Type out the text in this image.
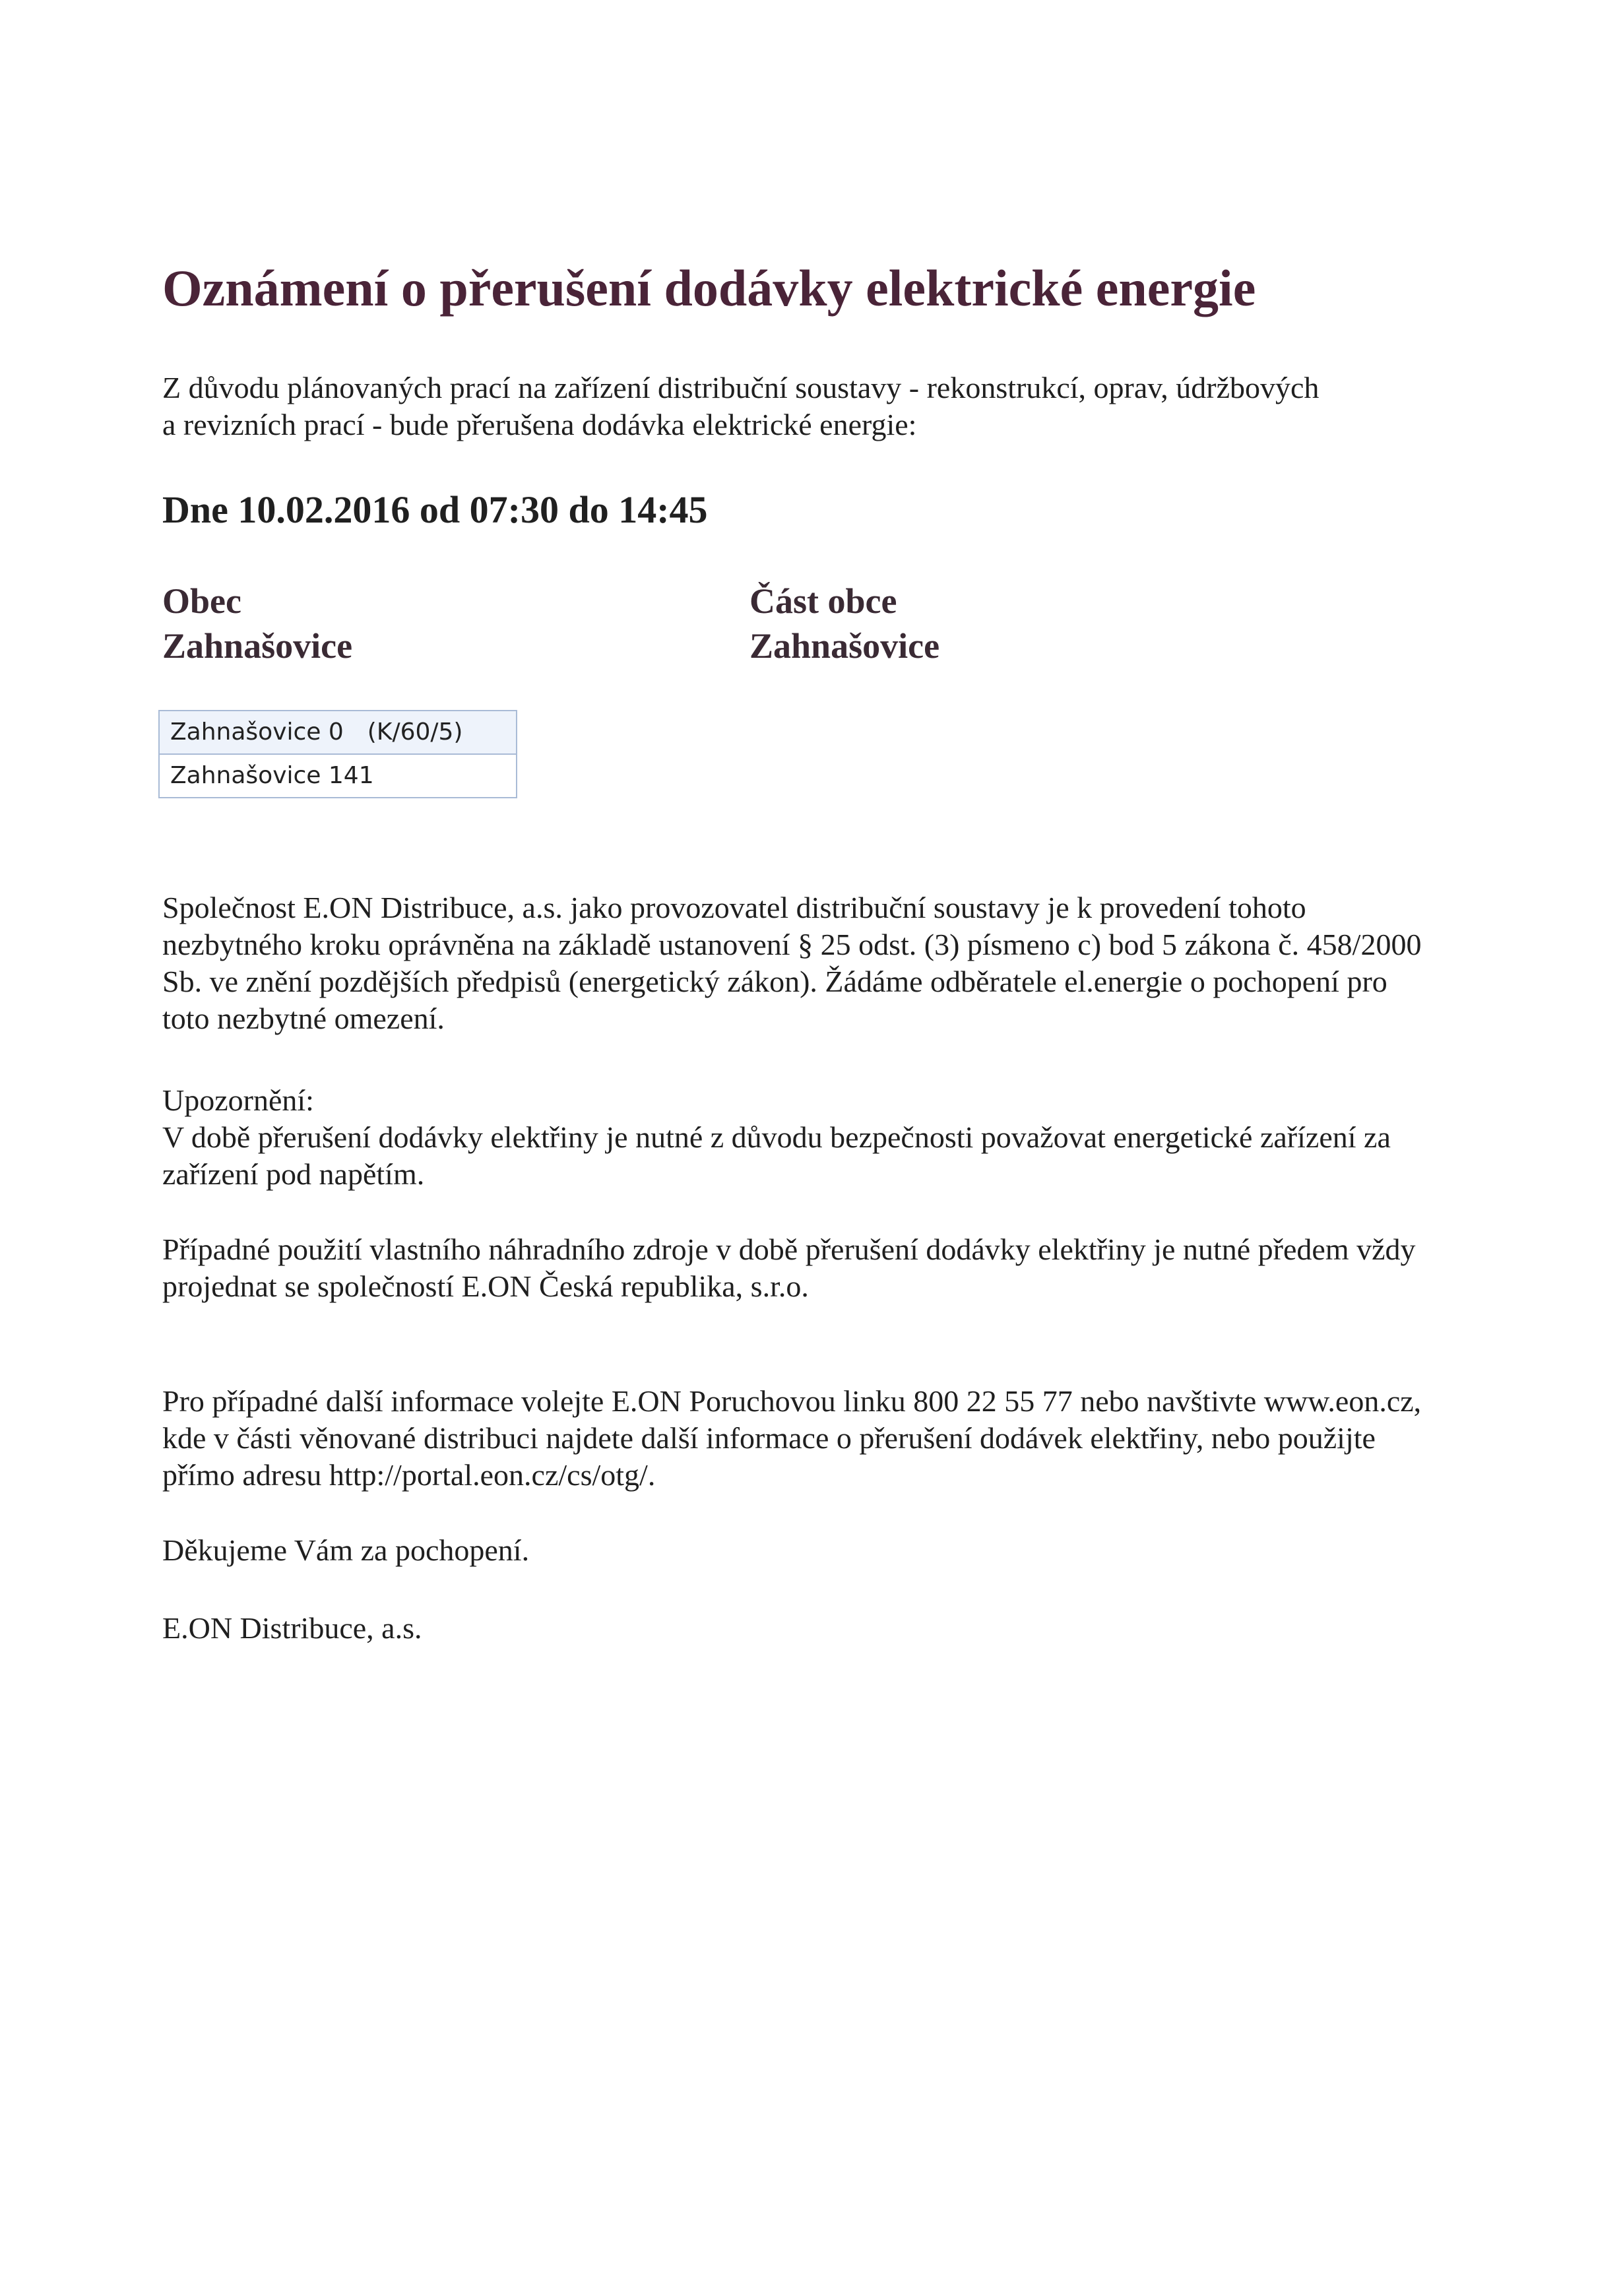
Oznámení o přerušení dodávky elektrické energie

Z důvodu plánovaných prací na zařízení distribuční soustavy - rekonstrukcí, oprav, údržbových

a revizních prací - bude přerušena dodávka elektrické energie:

Dne 10.02.2016 od 07:30 do 14:45
Obec
Zahnašovice
Část obce
Zahnašovice
Zahnašovice 0 (K/60/5)
Zahnašovice 141

Společnost E.ON Distribuce, a.s. jako provozovatel distribuční soustavy je k provedení tohoto

nezbytného kroku oprávněna na základě ustanovení § 25 odst. (3) písmeno c) bod 5 zákona č. 458/2000

Sb. ve znění pozdějších předpisů (energetický zákon). Žádáme odběratele el.energie o pochopení pro

toto nezbytné omezení.

Upozornění:

V době přerušení dodávky elektřiny je nutné z důvodu bezpečnosti považovat energetické zařízení za

zařízení pod napětím.

Případné použití vlastního náhradního zdroje v době přerušení dodávky elektřiny je nutné předem vždy

projednat se společností E.ON Česká republika, s.r.o.

Pro případné další informace volejte E.ON Poruchovou linku 800 22 55 77 nebo navštivte www.eon.cz,

kde v části věnované distribuci najdete další informace o přerušení dodávek elektřiny, nebo použijte

přímo adresu http://portal.eon.cz/cs/otg/.

Děkujeme Vám za pochopení.
E.ON Distribuce, a.s.
